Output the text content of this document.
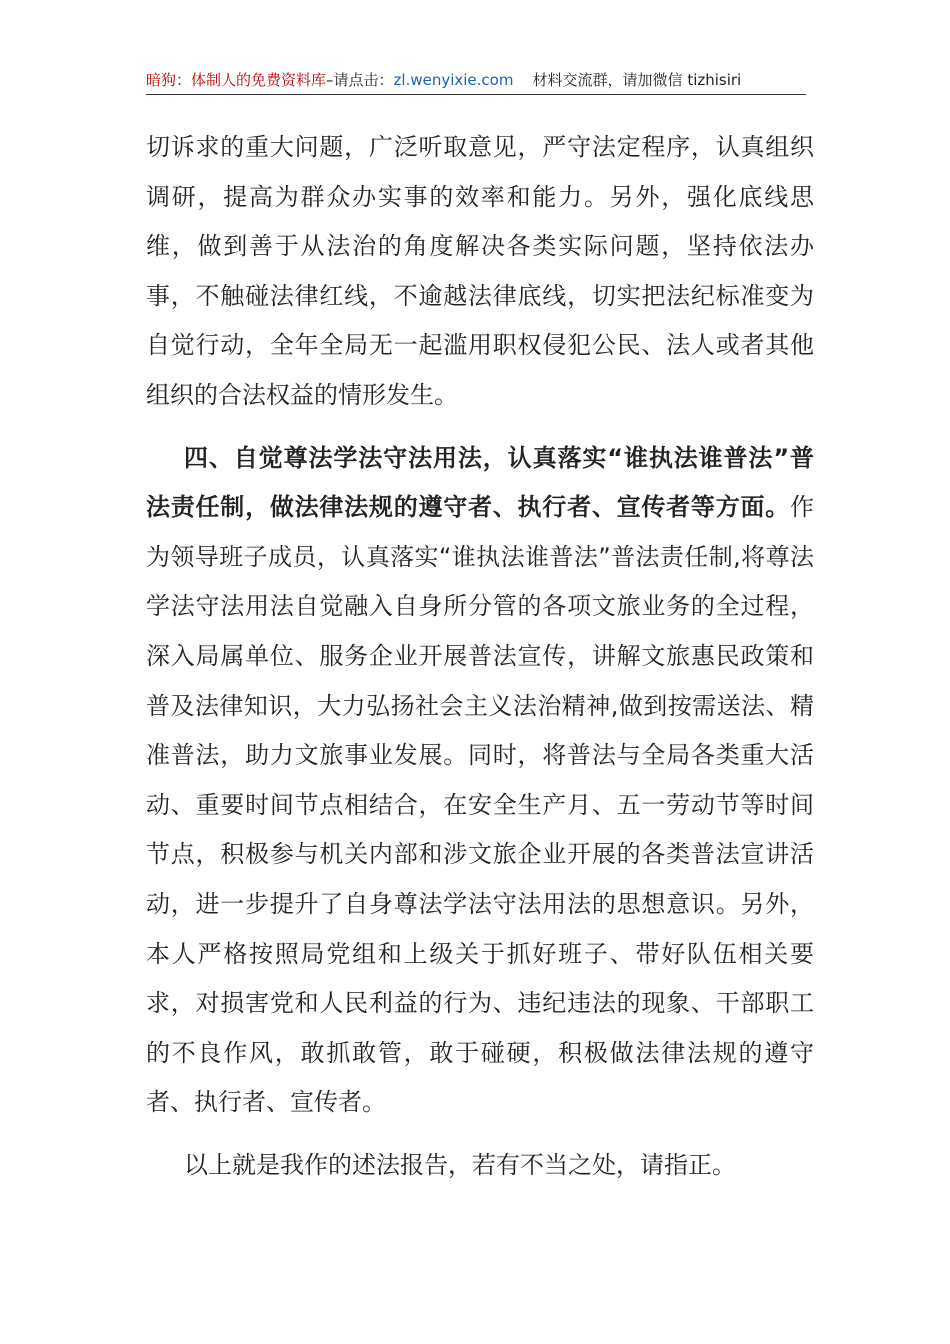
暗狗：体制人的免费资料库–请点击：zl.wenyixie.com 材料交流群，请加微信 tizhisiri

切诉求的重大问题，广泛听取意见，严守法定程序，认真组织调研，提高为群众办实事的效率和能力。另外，强化底线思维，做到善于从法治的角度解决各类实际问题，坚持依法办事，不触碰法律红线，不逾越法律底线，切实把法纪标准变为自觉行动，全年全局无一起滥用职权侵犯公民、法人或者其他组织的合法权益的情形发生。

四、自觉尊法学法守法用法，认真落实“谁执法谁普法”普法责任制，做法律法规的遵守者、执行者、宣传者等方面。作为领导班子成员，认真落实“谁执法谁普法”普法责任制,将尊法学法守法用法自觉融入自身所分管的各项文旅业务的全过程，深入局属单位、服务企业开展普法宣传，讲解文旅惠民政策和普及法律知识，大力弘扬社会主义法治精神,做到按需送法、精准普法，助力文旅事业发展。同时，将普法与全局各类重大活动、重要时间节点相结合，在安全生产月、五一劳动节等时间节点，积极参与机关内部和涉文旅企业开展的各类普法宣讲活动，进一步提升了自身尊法学法守法用法的思想意识。另外，本人严格按照局党组和上级关于抓好班子、带好队伍相关要求，对损害党和人民利益的行为、违纪违法的现象、干部职工的不良作风，敢抓敢管，敢于碰硬，积极做法律法规的遵守者、执行者、宣传者。

以上就是我作的述法报告，若有不当之处，请指正。
